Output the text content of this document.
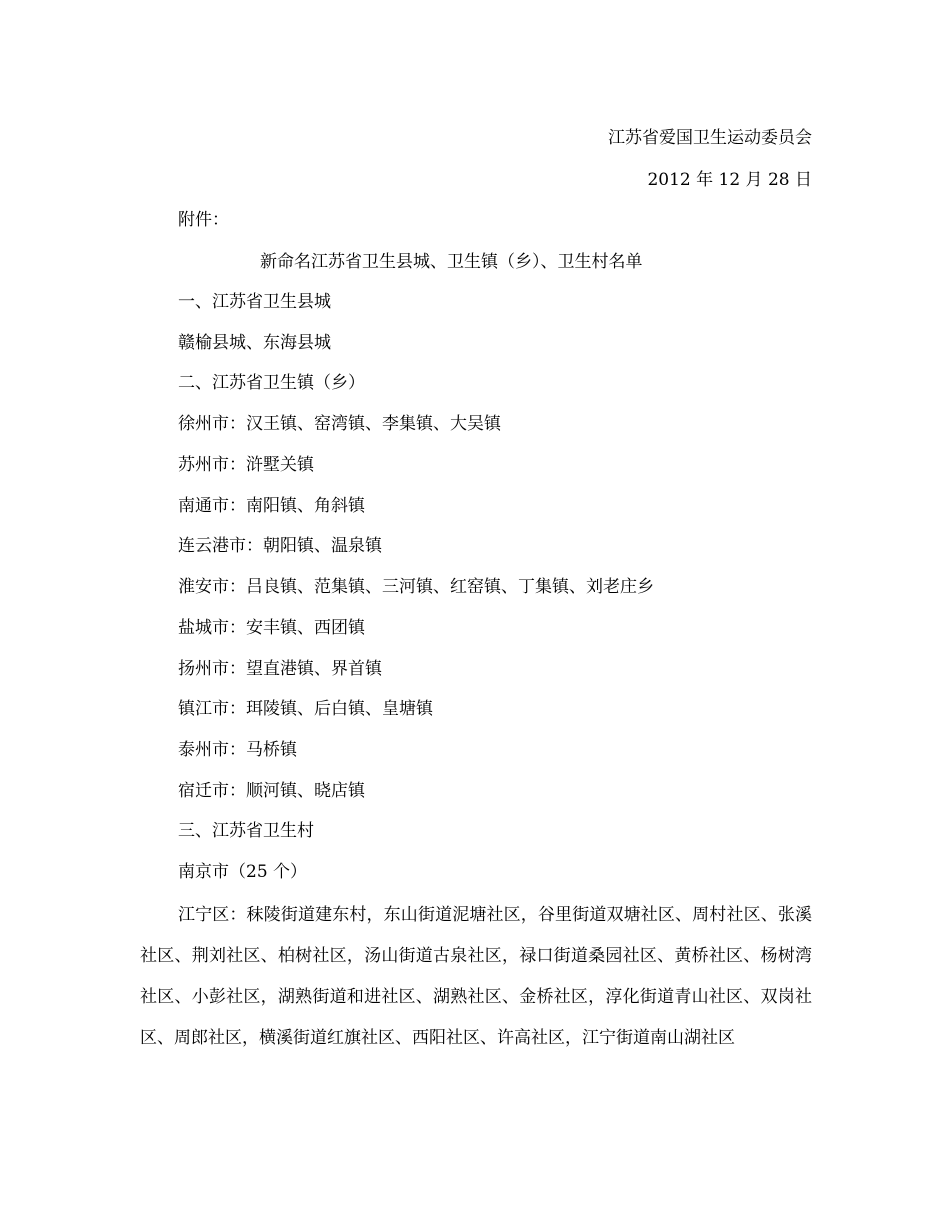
江苏省爱国卫生运动委员会
2012 年 12 月 28 日
附件：
新命名江苏省卫生县城、卫生镇（乡）、卫生村名单
一、江苏省卫生县城
赣榆县城、东海县城
二、江苏省卫生镇（乡）
徐州市：汉王镇、窑湾镇、李集镇、大吴镇
苏州市：浒墅关镇
南通市：南阳镇、角斜镇
连云港市：朝阳镇、温泉镇
淮安市：吕良镇、范集镇、三河镇、红窑镇、丁集镇、刘老庄乡
盐城市：安丰镇、西团镇
扬州市：望直港镇、界首镇
镇江市：珥陵镇、后白镇、皇塘镇
泰州市：马桥镇
宿迁市：顺河镇、晓店镇
三、江苏省卫生村
南京市（25 个）
江宁区：秣陵街道建东村，东山街道泥塘社区，谷里街道双塘社区、周村社区、张溪社区、荆刘社区、柏树社区，汤山街道古泉社区，禄口街道桑园社区、黄桥社区、杨树湾社区、小彭社区，湖熟街道和进社区、湖熟社区、金桥社区，淳化街道青山社区、双岗社区、周郎社区，横溪街道红旗社区、西阳社区、许高社区，江宁街道南山湖社区
